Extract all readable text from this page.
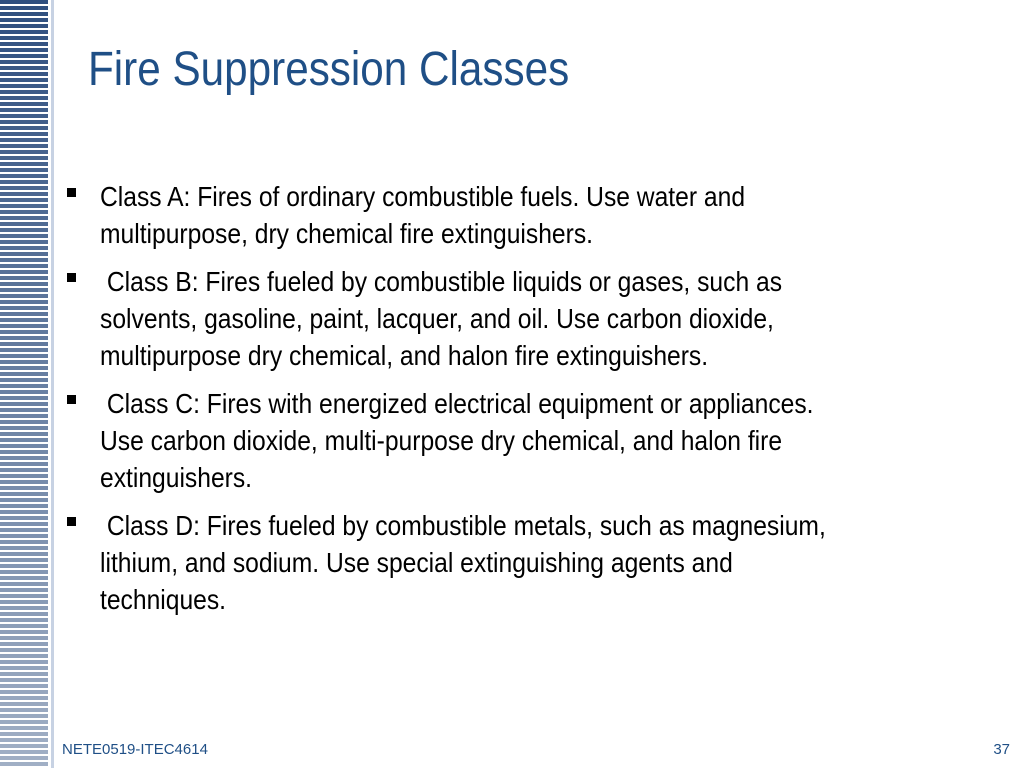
Fire Suppression Classes
Class A: Fires of ordinary combustible fuels. Use water and multipurpose, dry chemical fire extinguishers.
Class B: Fires fueled by combustible liquids or gases, such as solvents, gasoline, paint, lacquer, and oil. Use carbon dioxide, multipurpose dry chemical, and halon fire extinguishers.
Class C: Fires with energized electrical equipment or appliances. Use carbon dioxide, multi-purpose dry chemical, and halon fire extinguishers.
Class D: Fires fueled by combustible metals, such as magnesium, lithium, and sodium. Use special extinguishing agents and techniques.
NETE0519-ITEC4614	37
